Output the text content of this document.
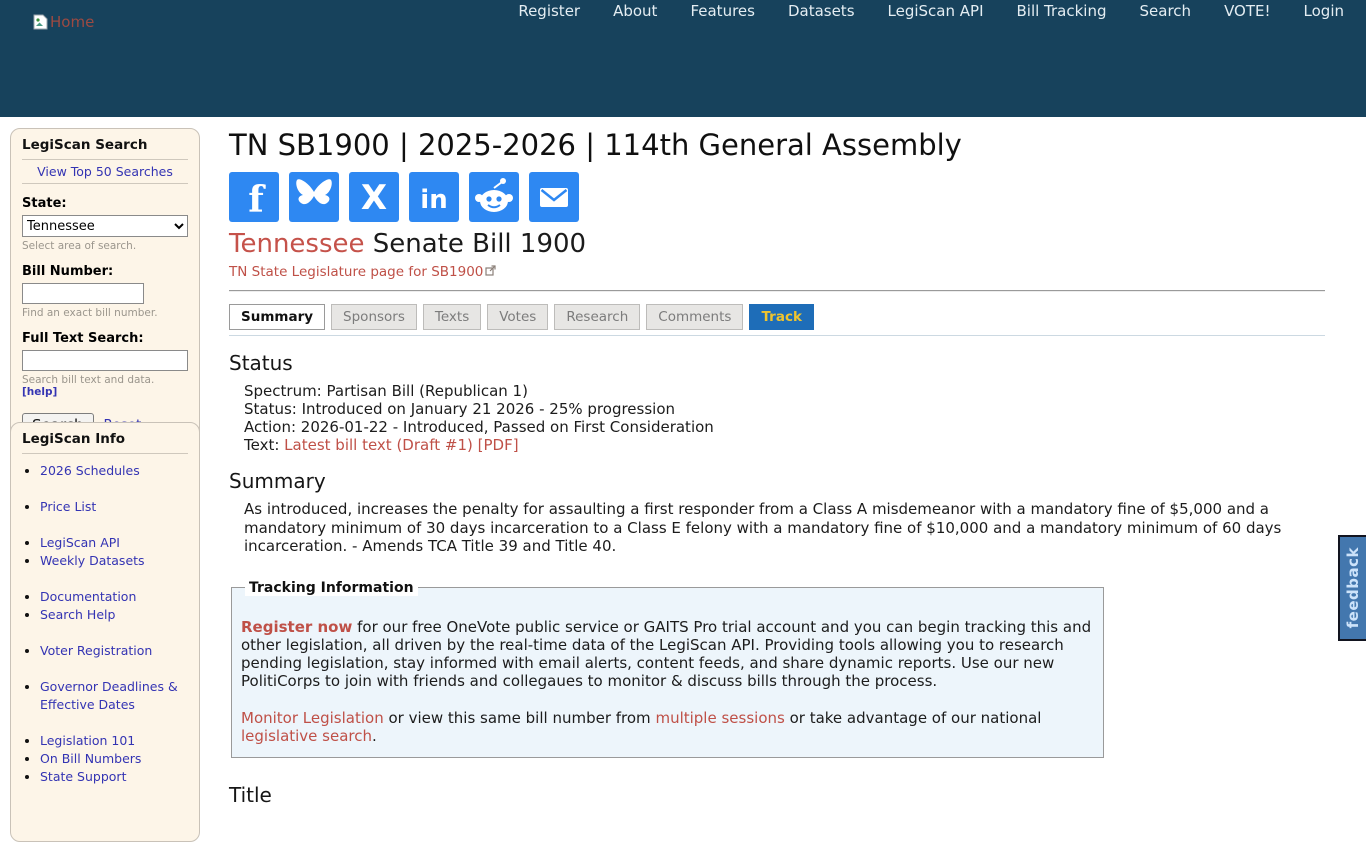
Home
Register About Features Datasets LegiScan API Bill Tracking Search VOTE! Login
LegiScan Search
View Top 50 Searches
State:
Tennessee
Select area of search.
Bill Number:
Find an exact bill number.
Full Text Search:
Search bill text and data. [help]
LegiScan Info
• 2026 Schedules
• Price List
• LegiScan API
• Weekly Datasets
• Documentation
• Search Help
• Voter Registration
• Governor Deadlines & Effective Dates
• Legislation 101
• On Bill Numbers
• State Support
TN SB1900 | 2025-2026 | 114th General Assembly
f	X in
Tennessee Senate Bill 1900
TN State Legislature page for SB1900
Summary	Sponsors	Texts	Votes	Research	Comments	Track
Status
Spectrum: Partisan Bill (Republican 1)
Status: Introduced on January 21 2026 - 25% progression
Action: 2026-01-22 - Introduced, Passed on First Consideration
Text: Latest bill text (Draft #1) [PDF]
Summary
As introduced, increases the penalty for assaulting a first responder from a Class A misdemeanor with a mandatory fine of $5,000 and a mandatory minimum of 30 days incarceration to a Class E felony with a mandatory fine of $10,000 and a mandatory minimum of 60 days incarceration. - Amends TCA Title 39 and Title 40.
Tracking Information

Register now for our free OneVote public service or GAITS Pro trial account and you can begin tracking this and other legislation, all driven by the real-time data of the LegiScan API. Providing tools allowing you to research pending legislation, stay informed with email alerts, content feeds, and share dynamic reports. Use our new PolitiCorps to join with friends and collegaues to monitor & discuss bills through the process.

Monitor Legislation or view this same bill number from multiple sessions or take advantage of our national legislative search.

Title
feedback
